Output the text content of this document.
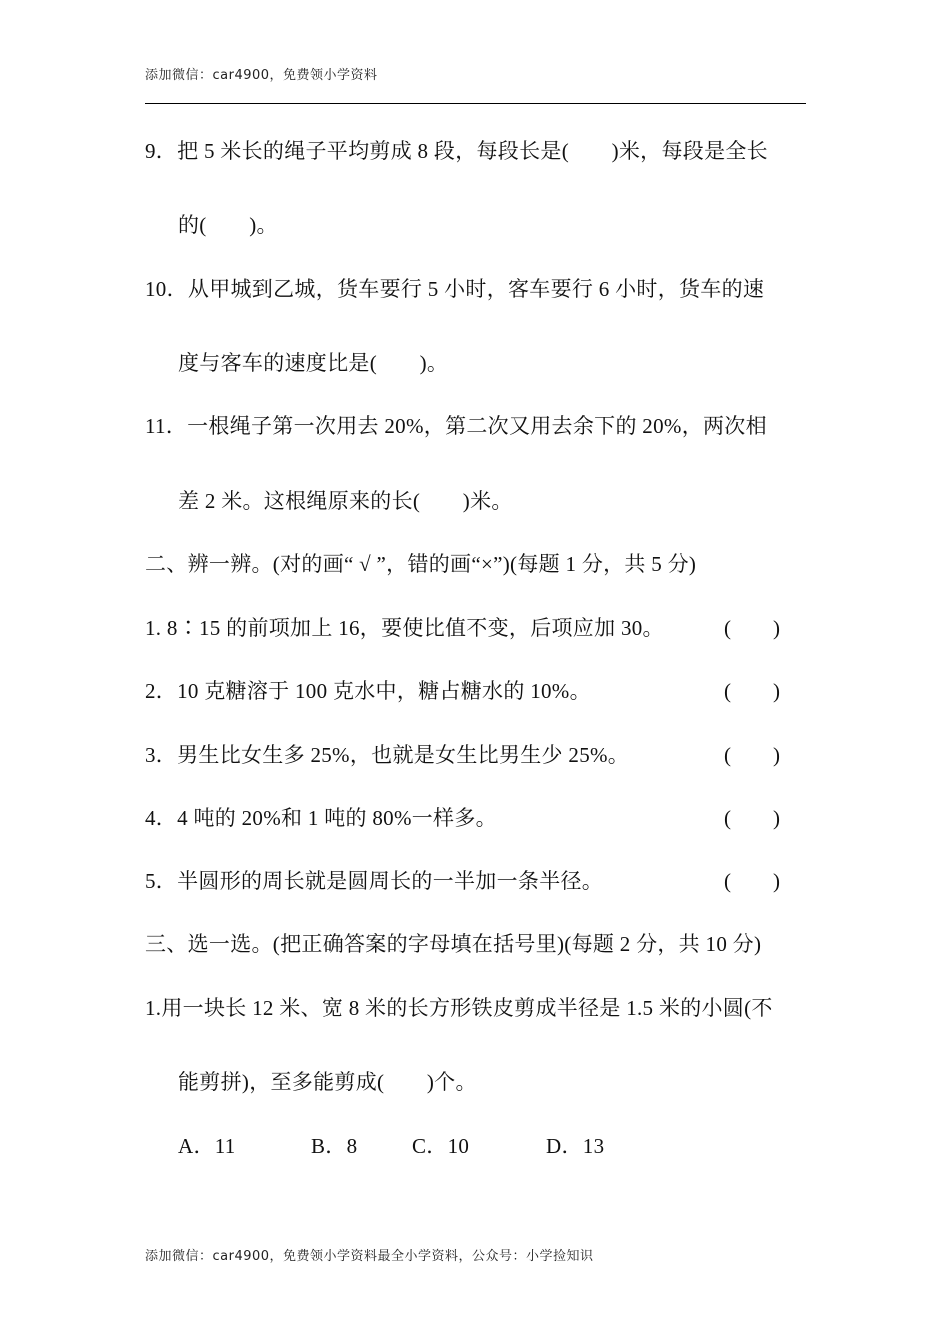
添加微信：car4900，免费领小学资料
9．把 5 米长的绳子平均剪成 8 段，每段长是(　　)米，每段是全长
的(　　)。
10．从甲城到乙城，货车要行 5 小时，客车要行 6 小时，货车的速
度与客车的速度比是(　　)。
11．一根绳子第一次用去 20%，第二次又用去余下的 20%，两次相
差 2 米。这根绳原来的长(　　)米。
二、辨一辨。(对的画“ √ ”，错的画“×”)(每题 1 分，共 5 分)
1. 8∶15 的前项加上 16，要使比值不变，后项应加 30。	(　　)
2．10 克糖溶于 100 克水中，糖占糖水的 10%。	(　　)
3．男生比女生多 25%，也就是女生比男生少 25%。	(　　)
4．4 吨的 20%和 1 吨的 80%一样多。	(　　)
5．半圆形的周长就是圆周长的一半加一条半径。	(　　)
三、选一选。(把正确答案的字母填在括号里)(每题 2 分，共 10 分)
1.用一块长 12 米、宽 8 米的长方形铁皮剪成半径是 1.5 米的小圆(不
能剪拼)，至多能剪成(　　)个。
A．11	B．8	C．10	D．13
添加微信：car4900，免费领小学资料最全小学资料，公众号：小学捡知识
